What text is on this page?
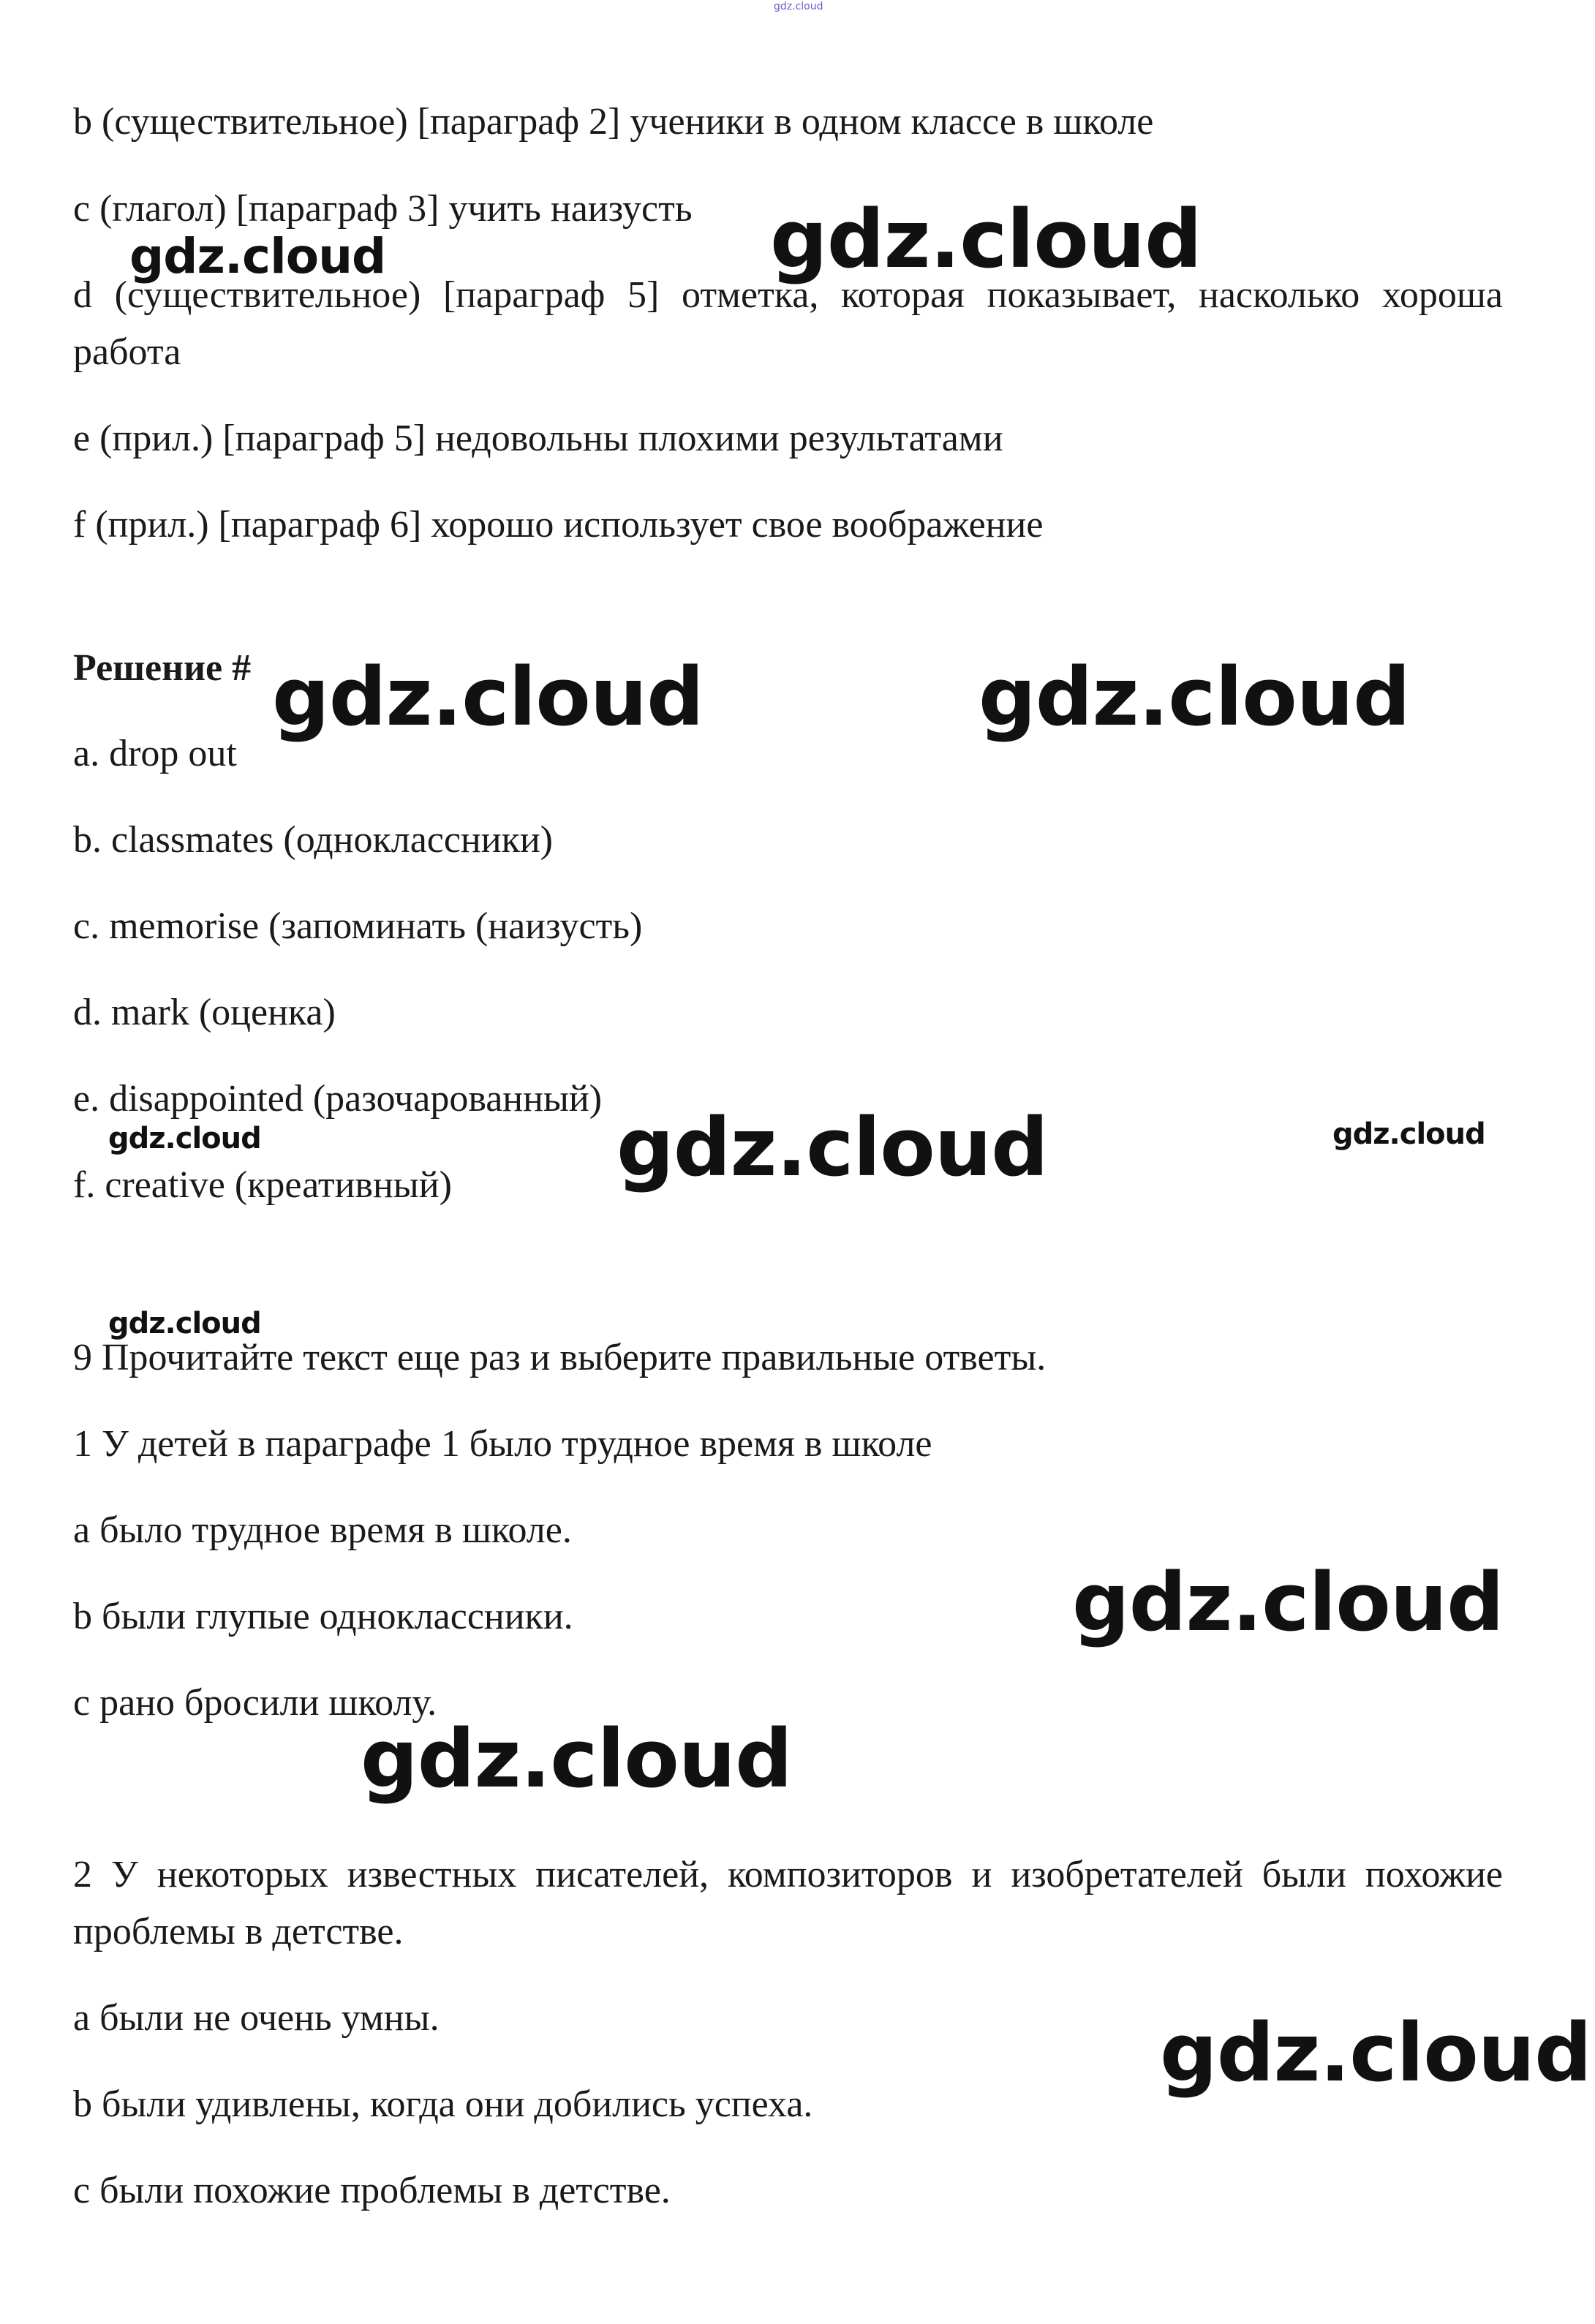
gdz.cloud
b (существительное) [параграф 2] ученики в одном классе в школе
c (глагол) [параграф 3] учить наизусть
d (существительное) [параграф 5] отметка, которая показывает, насколько хороша работа
e (прил.) [параграф 5] недовольны плохими результатами
f (прил.) [параграф 6] хорошо использует свое воображение
Решение #
a. drop out
b. classmates (одноклассники)
c. memorise (запоминать (наизусть)
d. mark (оценка)
e. disappointed (разочарованный)
f. creative (креативный)
9 Прочитайте текст еще раз и выберите правильные ответы.
1 У детей в параграфе 1 было трудное время в школе
a было трудное время в школе.
b были глупые одноклассники.
c рано бросили школу.
2 У некоторых известных писателей, композиторов и изобретателей были похожие проблемы в детстве.
a были не очень умны.
b были удивлены, когда они добились успеха.
c были похожие проблемы в детстве.
gdz.cloud	gdz.cloud
gdz.cloud	gdz.cloud
gdz.cloud	gdz.cloud	gdz.cloud
gdz.cloud
gdz.cloud
gdz.cloud
gdz.cloud
